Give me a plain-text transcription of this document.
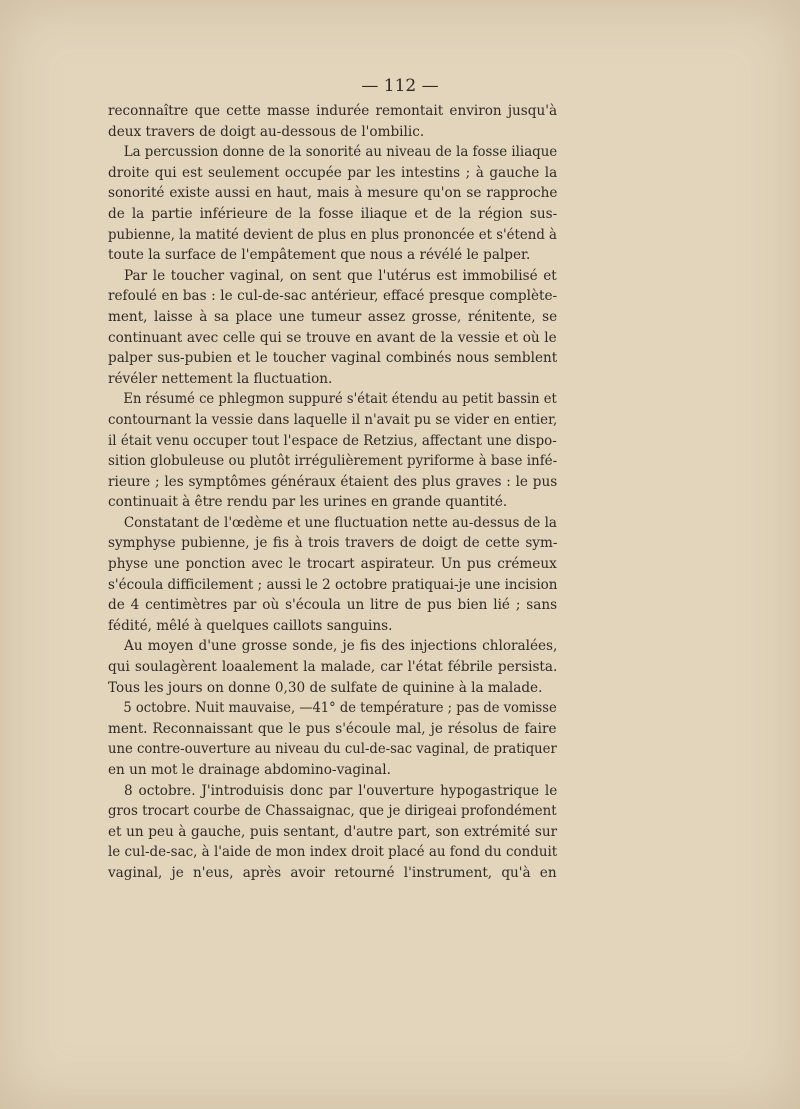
— 112 —
reconnaître que cette masse indurée remontait environ jusqu'à
deux travers de doigt au-dessous de l'ombilic.
La percussion donne de la sonorité au niveau de la fosse iliaque
droite qui est seulement occupée par les intestins ; à gauche la
sonorité existe aussi en haut, mais à mesure qu'on se rapproche
de la partie inférieure de la fosse iliaque et de la région sus-
pubienne, la matité devient de plus en plus prononcée et s'étend à
toute la surface de l'empâtement que nous a révélé le palper.
Par le toucher vaginal, on sent que l'utérus est immobilisé et
refoulé en bas : le cul-de-sac antérieur, effacé presque complète-
ment, laisse à sa place une tumeur assez grosse, rénitente, se
continuant avec celle qui se trouve en avant de la vessie et où le
palper sus-pubien et le toucher vaginal combinés nous semblent
révéler nettement la fluctuation.
En résumé ce phlegmon suppuré s'était étendu au petit bassin et
contournant la vessie dans laquelle il n'avait pu se vider en entier,
il était venu occuper tout l'espace de Retzius, affectant une dispo-
sition globuleuse ou plutôt irrégulièrement pyriforme à base infé-
rieure ; les symptômes généraux étaient des plus graves : le pus
continuait à être rendu par les urines en grande quantité.
Constatant de l'œdème et une fluctuation nette au-dessus de la
symphyse pubienne, je fis à trois travers de doigt de cette sym-
physe une ponction avec le trocart aspirateur. Un pus crémeux
s'écoula difficilement ; aussi le 2 octobre pratiquai-je une incision
de 4 centimètres par où s'écoula un litre de pus bien lié ; sans
fédité, mêlé à quelques caillots sanguins.
Au moyen d'une grosse sonde, je fis des injections chloralées,
qui soulagèrent loaalement la malade, car l'état fébrile persista.
Tous les jours on donne 0,30 de sulfate de quinine à la malade.
5 octobre. Nuit mauvaise, —41° de température ; pas de vomisse
ment. Reconnaissant que le pus s'écoule mal, je résolus de faire
une contre-ouverture au niveau du cul-de-sac vaginal, de pratiquer
en un mot le drainage abdomino-vaginal.
8 octobre. J'introduisis donc par l'ouverture hypogastrique le
gros trocart courbe de Chassaignac, que je dirigeai profondément
et un peu à gauche, puis sentant, d'autre part, son extrémité sur
le cul-de-sac, à l'aide de mon index droit placé au fond du conduit
vaginal, je n'eus, après avoir retourné l'instrument, qu'à en
